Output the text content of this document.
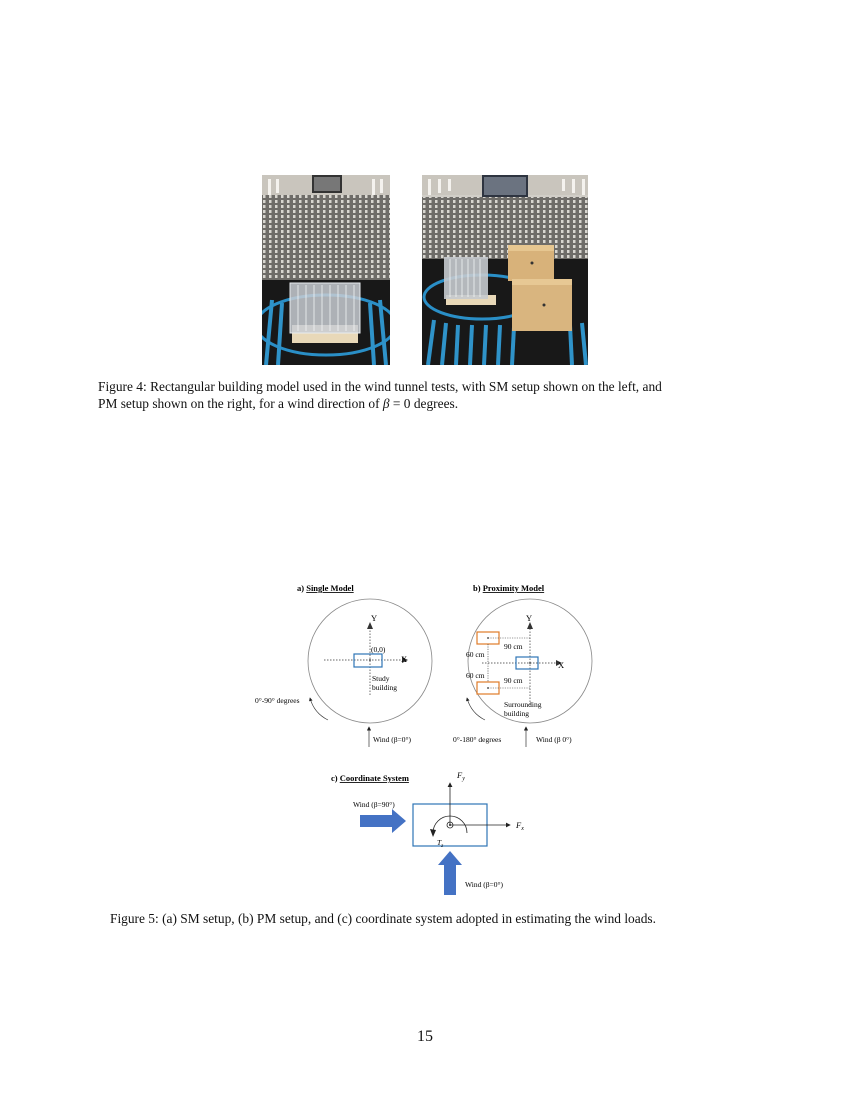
Figure 4: Rectangular building model used in the wind tunnel tests, with SM setup shown on the left, and
PM setup shown on the right, for a wind direction of β = 0 degrees.
a) Single Model
Y
X
(0,0)
Study
building
0°-90° degrees
Wind (β=0°)
b) Proximity Model
Y
X
90 cm
90 cm
60 cm
60 cm
Surrounding
building
0°-180° degrees	Wind (β 0°)
c) Coordinate System	$F_y$
$F_x$
$T_z$
Wind (β=90°)
Wind (β=0°)
Figure 5: (a) SM setup, (b) PM setup, and (c) coordinate system adopted in estimating the wind loads.
15
